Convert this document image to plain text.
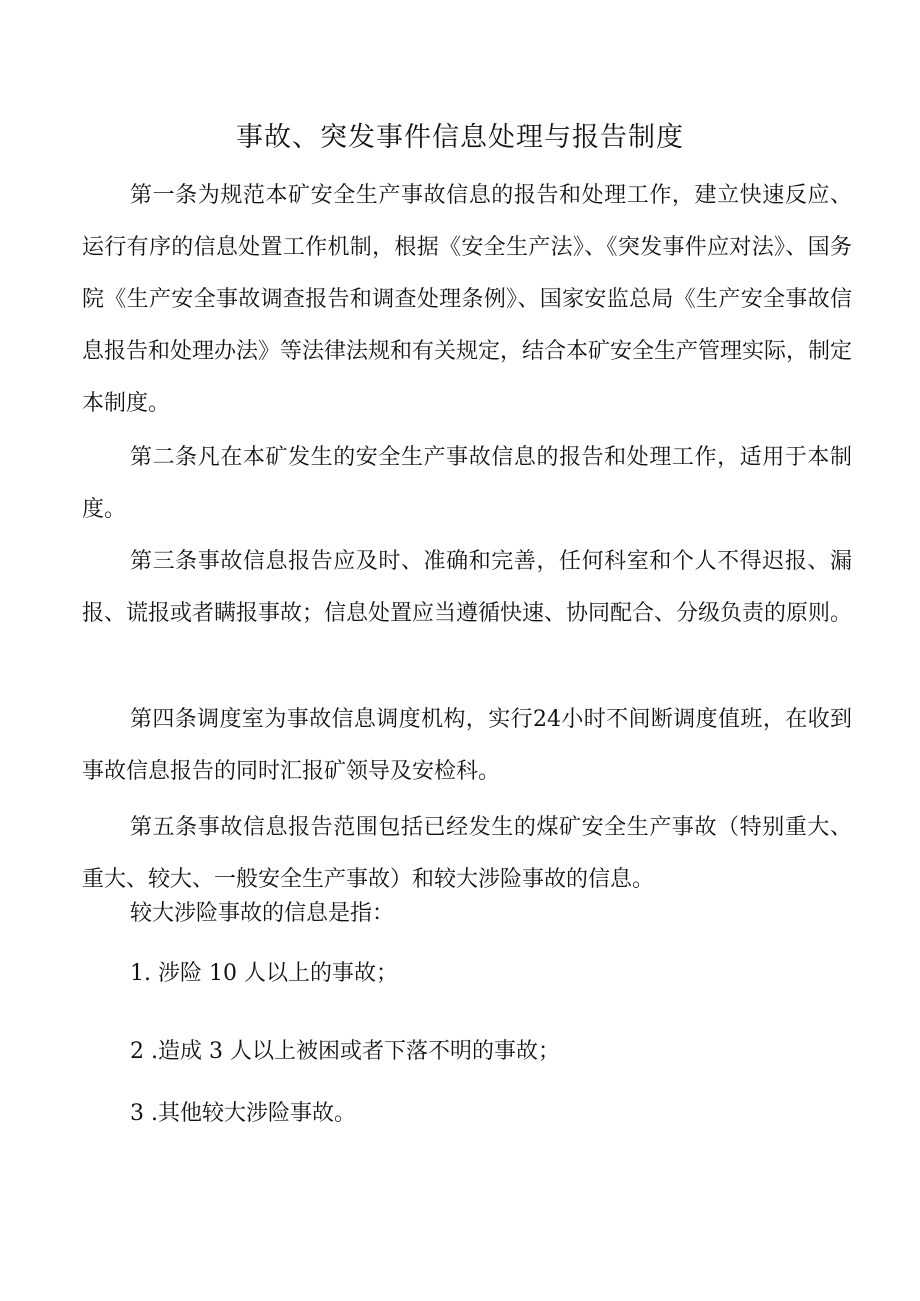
事故、突发事件信息处理与报告制度

第一条为规范本矿安全生产事故信息的报告和处理工作，建立快速反应、运行有序的信息处置工作机制，根据《安全生产法》、《突发事件应对法》、国务院《生产安全事故调查报告和调查处理条例》、国家安监总局《生产安全事故信息报告和处理办法》等法律法规和有关规定，结合本矿安全生产管理实际，制定本制度。

第二条凡在本矿发生的安全生产事故信息的报告和处理工作，适用于本制度。

第三条事故信息报告应及时、准确和完善，任何科室和个人不得迟报、漏报、谎报或者瞒报事故；信息处置应当遵循快速、协同配合、分级负责的原则。

第四条调度室为事故信息调度机构，实行24小时不间断调度值班，在收到事故信息报告的同时汇报矿领导及安检科。

第五条事故信息报告范围包括已经发生的煤矿安全生产事故（特别重大、重大、较大、一般安全生产事故）和较大涉险事故的信息。

较大涉险事故的信息是指：

1. 涉险 10 人以上的事故；

2 .造成 3 人以上被困或者下落不明的事故；

3 .其他较大涉险事故。
